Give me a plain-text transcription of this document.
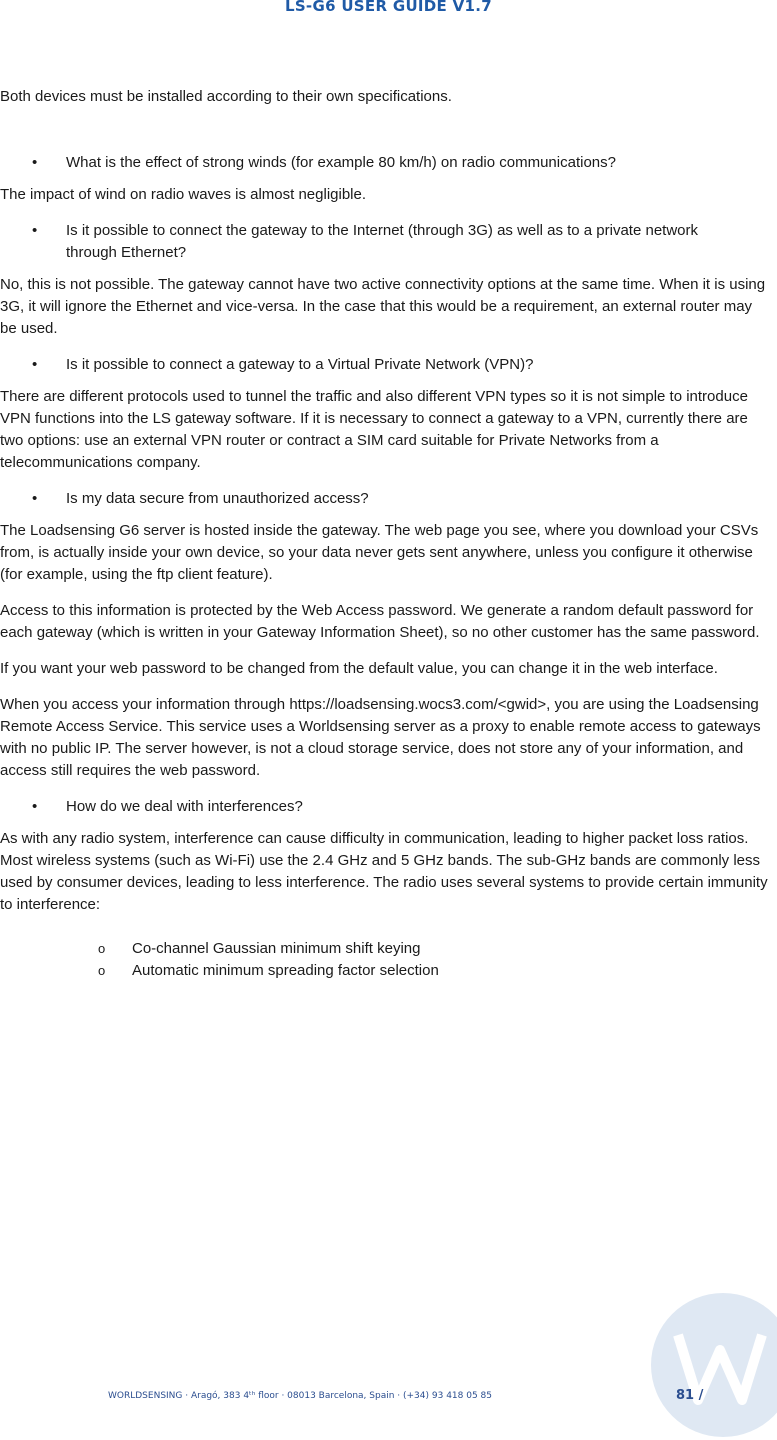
LS-G6 USER GUIDE V1.7

Both devices must be installed according to their own specifications.

• What is the effect of strong winds (for example 80 km/h) on radio communications?

The impact of wind on radio waves is almost negligible.

• Is it possible to connect the gateway to the Internet (through 3G) as well as to a private network through Ethernet?

No, this is not possible. The gateway cannot have two active connectivity options at the same time. When it is using 3G, it will ignore the Ethernet and vice-versa. In the case that this would be a requirement, an external router may be used.

• Is it possible to connect a gateway to a Virtual Private Network (VPN)?

There are different protocols used to tunnel the traffic and also different VPN types so it is not simple to introduce VPN functions into the LS gateway software. If it is necessary to connect a gateway to a VPN, currently there are two options: use an external VPN router or contract a SIM card suitable for Private Networks from a telecommunications company.

• Is my data secure from unauthorized access?

The Loadsensing G6 server is hosted inside the gateway. The web page you see, where you download your CSVs from, is actually inside your own device, so your data never gets sent anywhere, unless you configure it otherwise (for example, using the ftp client feature).

Access to this information is protected by the Web Access password. We generate a random default password for each gateway (which is written in your Gateway Information Sheet), so no other customer has the same password.

If you want your web password to be changed from the default value, you can change it in the web interface.

When you access your information through https://loadsensing.wocs3.com/<gwid>, you are using the Loadsensing Remote Access Service. This service uses a Worldsensing server as a proxy to enable remote access to gateways with no public IP. The server however, is not a cloud storage service, does not store any of your information, and access still requires the web password.

• How do we deal with interferences?

As with any radio system, interference can cause difficulty in communication, leading to higher packet loss ratios. Most wireless systems (such as Wi-Fi) use the 2.4 GHz and 5 GHz bands. The sub-GHz bands are commonly less used by consumer devices, leading to less interference. The radio uses several systems to provide certain immunity to interference:

o Co-channel Gaussian minimum shift keying
o Automatic minimum spreading factor selection
WORLDSENSING · Aragó, 383 4ᵗʰ floor · 08013 Barcelona, Spain · (+34) 93 418 05 85	81 /
